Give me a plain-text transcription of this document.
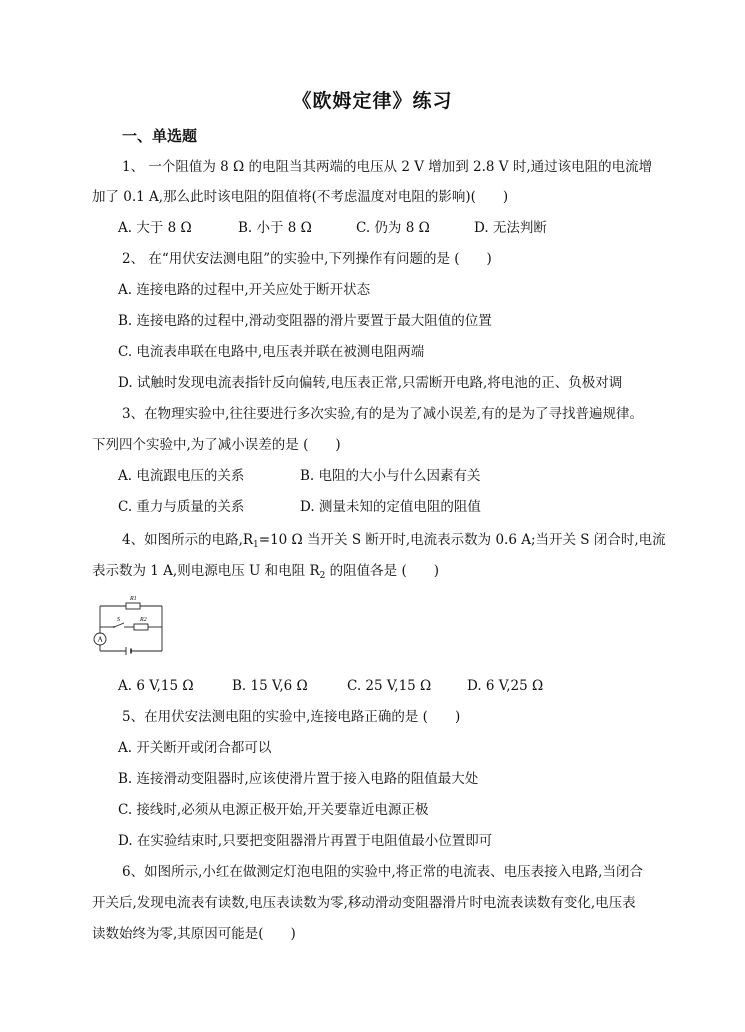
《欧姆定律》练习
一、单选题
1、 一个阻值为 8 Ω 的电阻当其两端的电压从 2 V 增加到 2.8 V 时,通过该电阻的电流增
加了 0.1 A,那么此时该电阻的阻值将(不考虑温度对电阻的影响)(　　)
A. 大于 8 Ω	B. 小于 8 Ω	C. 仍为 8 Ω	D. 无法判断
2、 在“用伏安法测电阻”的实验中,下列操作有问题的是 (　　)
A. 连接电路的过程中,开关应处于断开状态
B. 连接电路的过程中,滑动变阻器的滑片要置于最大阻值的位置
C. 电流表串联在电路中,电压表并联在被测电阻两端
D. 试触时发现电流表指针反向偏转,电压表正常,只需断开电路,将电池的正、负极对调
3、在物理实验中,往往要进行多次实验,有的是为了减小误差,有的是为了寻找普遍规律。
下列四个实验中,为了减小误差的是 (　　)
A. 电流跟电压的关系	B. 电阻的大小与什么因素有关
C. 重力与质量的关系	D. 测量未知的定值电阻的阻值
4、如图所示的电路$,R_1=10$ Ω 当开关 S 断开时,电流表示数为 0.6 A;当开关 S 闭合时,电流
表示数为 1 A,则电源电压 U 和电阻 $R_2$ 的阻值各是 (　　)
R1
S	R2
A
A. 6 V,15 Ω	B. 15 V,6 Ω	C. 25 V,15 Ω	D. 6 V,25 Ω
5、在用伏安法测电阻的实验中,连接电路正确的是 (　　)
A. 开关断开或闭合都可以
B. 连接滑动变阻器时,应该使滑片置于接入电路的阻值最大处
C. 接线时,必须从电源正极开始,开关要靠近电源正极
D. 在实验结束时,只要把变阻器滑片再置于电阻值最小位置即可
6、如图所示,小红在做测定灯泡电阻的实验中,将正常的电流表、电压表接入电路,当闭合
开关后,发现电流表有读数,电压表读数为零,移动滑动变阻器滑片时电流表读数有变化,电压表
读数始终为零,其原因可能是(　　)
